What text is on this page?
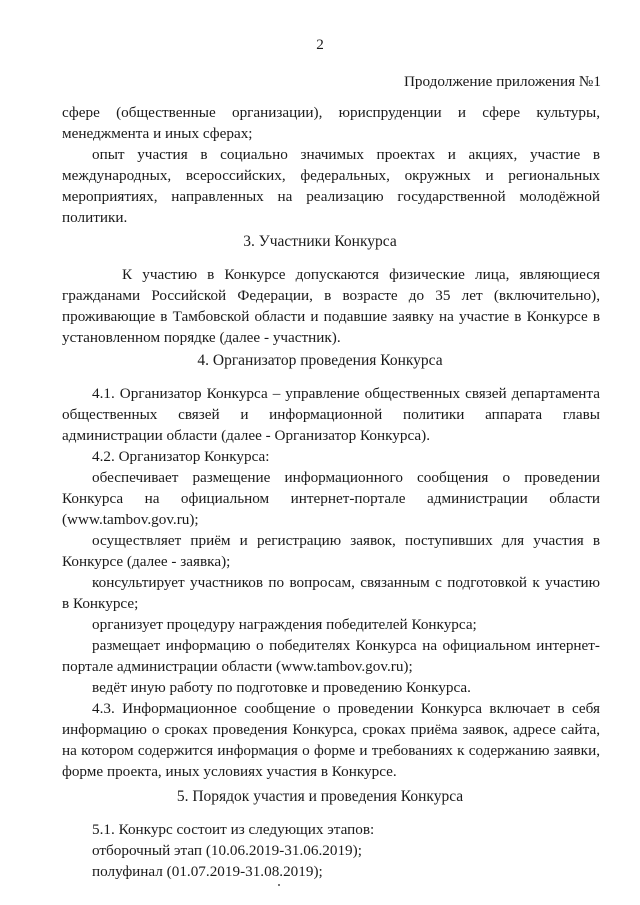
2
Продолжение приложения №1
сфере (общественные организации), юриспруденции и сфере культуры,
менеджмента и иных сферах;
опыт участия в социально значимых проектах и акциях, участие в
международных, всероссийских, федеральных, окружных и региональных
мероприятиях, направленных на реализацию государственной молодёжной
политики.
3. Участники Конкурса
К участию в Конкурсе допускаются физические лица, являющиеся
гражданами Российской Федерации, в возрасте до 35 лет (включительно),
проживающие в Тамбовской области и подавшие заявку на участие в Конкурсе в
установленном порядке (далее - участник).
4. Организатор проведения Конкурса
4.1. Организатор Конкурса – управление общественных связей департамента
общественных связей и информационной политики аппарата главы
администрации области (далее - Организатор Конкурса).
4.2. Организатор Конкурса:
обеспечивает размещение информационного сообщения о проведении
Конкурса на официальном интернет-портале администрации области
(www.tambov.gov.ru);
осуществляет приём и регистрацию заявок, поступивших для участия в
Конкурсе (далее - заявка);
консультирует участников по вопросам, связанным с подготовкой к участию
в Конкурсе;
организует процедуру награждения победителей Конкурса;
размещает информацию о победителях Конкурса на официальном интернет-
портале администрации области (www.tambov.gov.ru);
ведёт иную работу по подготовке и проведению Конкурса.
4.3. Информационное сообщение о проведении Конкурса включает в себя
информацию о сроках проведения Конкурса, сроках приёма заявок, адресе сайта,
на котором содержится информация о форме и требованиях к содержанию заявки,
форме проекта, иных условиях участия в Конкурсе.
5. Порядок участия и проведения Конкурса
5.1. Конкурс состоит из следующих этапов:
отборочный этап (10.06.2019-31.06.2019);
полуфинал (01.07.2019-31.08.2019);
